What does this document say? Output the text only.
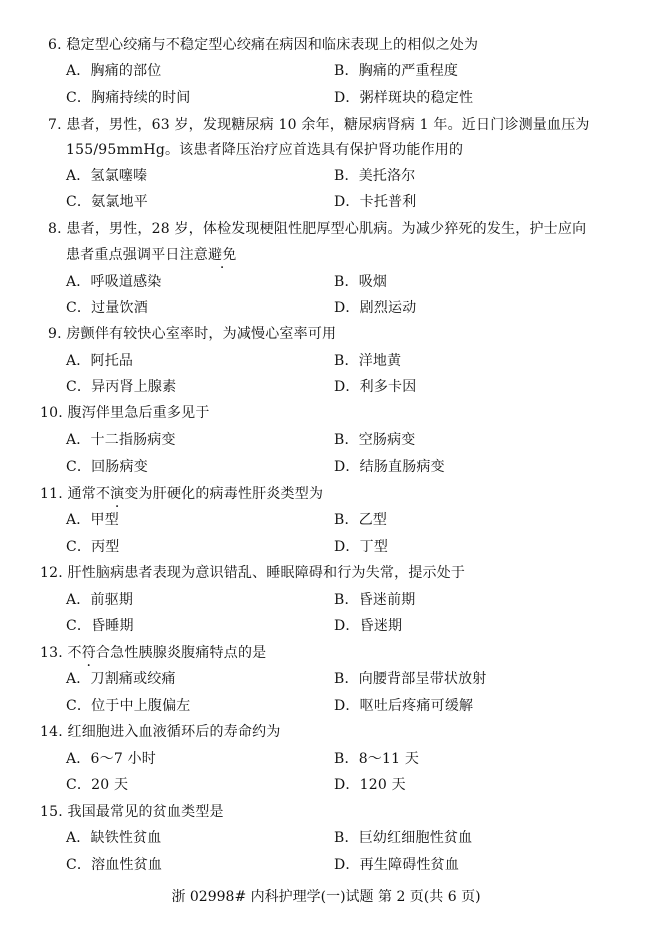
6. 稳定型心绞痛与不稳定型心绞痛在病因和临床表现上的相似之处为
A．胸痛的部位	B．胸痛的严重程度
C．胸痛持续的时间	D．粥样斑块的稳定性
7. 患者，男性，63 岁，发现糖尿病 10 余年，糖尿病肾病 1 年。近日门诊测量血压为
155/95mmHg。该患者降压治疗应首选具有保护肾功能作用的
A．氢氯噻嗪	B．美托洛尔
C．氨氯地平	D．卡托普利
8. 患者，男性，28 岁，体检发现梗阻性肥厚型心肌病。为减少猝死的发生，护士应向
患者重点强调平日注意避免
A．呼吸道感染	B．吸烟
C．过量饮酒	D．剧烈运动
9. 房颤伴有较快心室率时，为减慢心室率可用
A．阿托品	B．洋地黄
C．异丙肾上腺素	D．利多卡因
10. 腹泻伴里急后重多见于
A．十二指肠病变	B．空肠病变
C．回肠病变	D．结肠直肠病变
11. 通常不演变为肝硬化的病毒性肝炎类型为
A．甲型	B．乙型
C．丙型	D．丁型
12. 肝性脑病患者表现为意识错乱、睡眠障碍和行为失常，提示处于
A．前驱期	B．昏迷前期
C．昏睡期	D．昏迷期
13. 不符合急性胰腺炎腹痛特点的是
A．刀割痛或绞痛	B．向腰背部呈带状放射
C．位于中上腹偏左	D．呕吐后疼痛可缓解
14. 红细胞进入血液循环后的寿命约为
A．6～7 小时	B．8～11 天
C．20 天	D．120 天
15. 我国最常见的贫血类型是
A．缺铁性贫血	B．巨幼红细胞性贫血
C．溶血性贫血	D．再生障碍性贫血
浙 02998# 内科护理学(一)试题 第 2 页(共 6 页)
